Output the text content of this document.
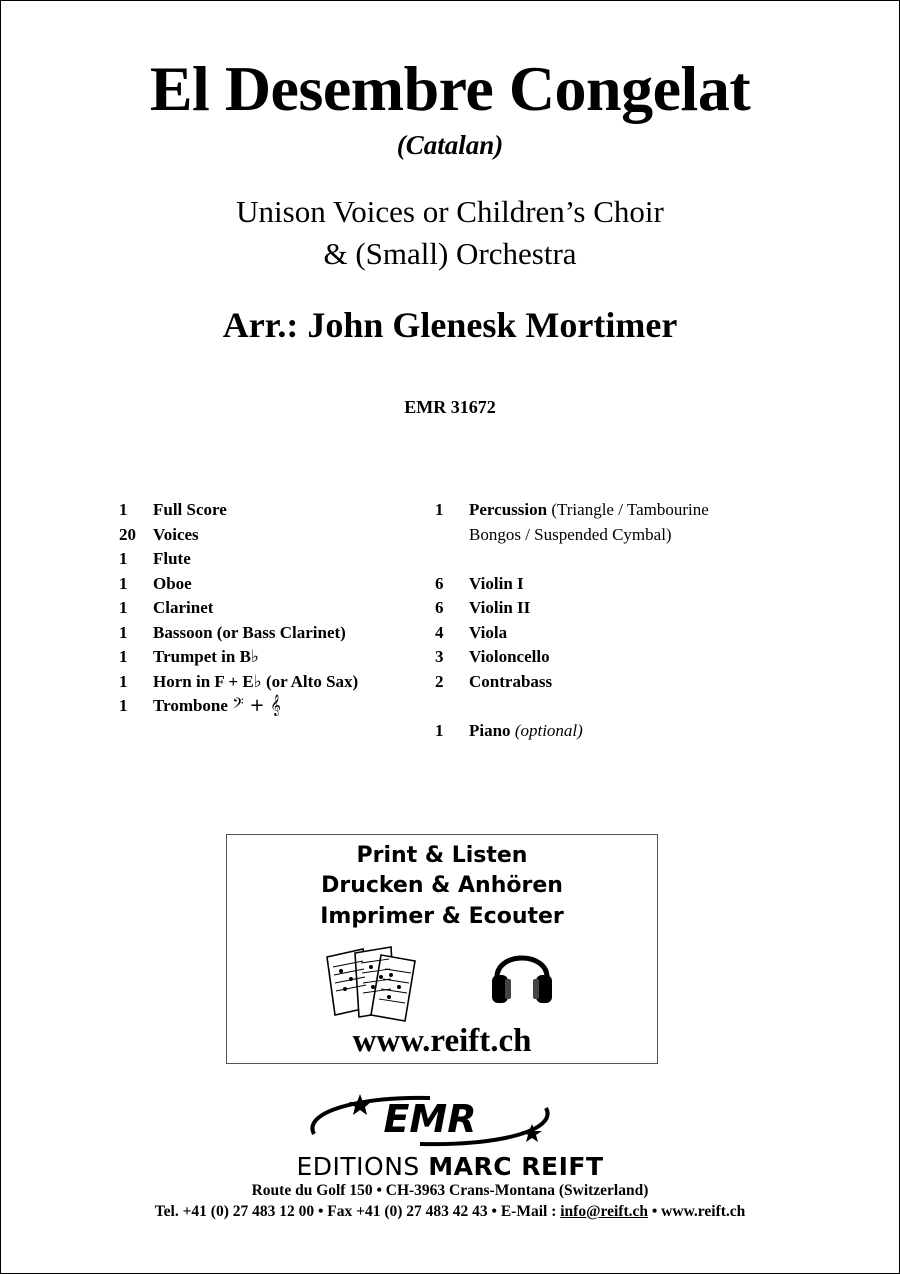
El Desembre Congelat
(Catalan)
Unison Voices or Children’s Choir
& (Small) Orchestra
Arr.: John Glenesk Mortimer
EMR 31672
1 Full Score
20 Voices
1 Flute
1 Oboe
1 Clarinet
1 Bassoon (or Bass Clarinet)
1 Trumpet in B♭
1 Horn in F + E♭ (or Alto Sax)
1 Trombone 𝄢 + 𝄞
1 Percussion (Triangle / Tambourine
Bongos / Suspended Cymbal)
6 Violin I
6 Violin II
4 Viola
3 Violoncello
2 Contrabass
1 Piano (optional)
Print & Listen
Drucken & Anhören
Imprimer & Ecouter
www.reift.ch
EMR
EDITIONS MARC REIFT
Route du Golf 150 • CH-3963 Crans-Montana (Switzerland)
Tel. +41 (0) 27 483 12 00 • Fax +41 (0) 27 483 42 43 • E-Mail : info@reift.ch • www.reift.ch
